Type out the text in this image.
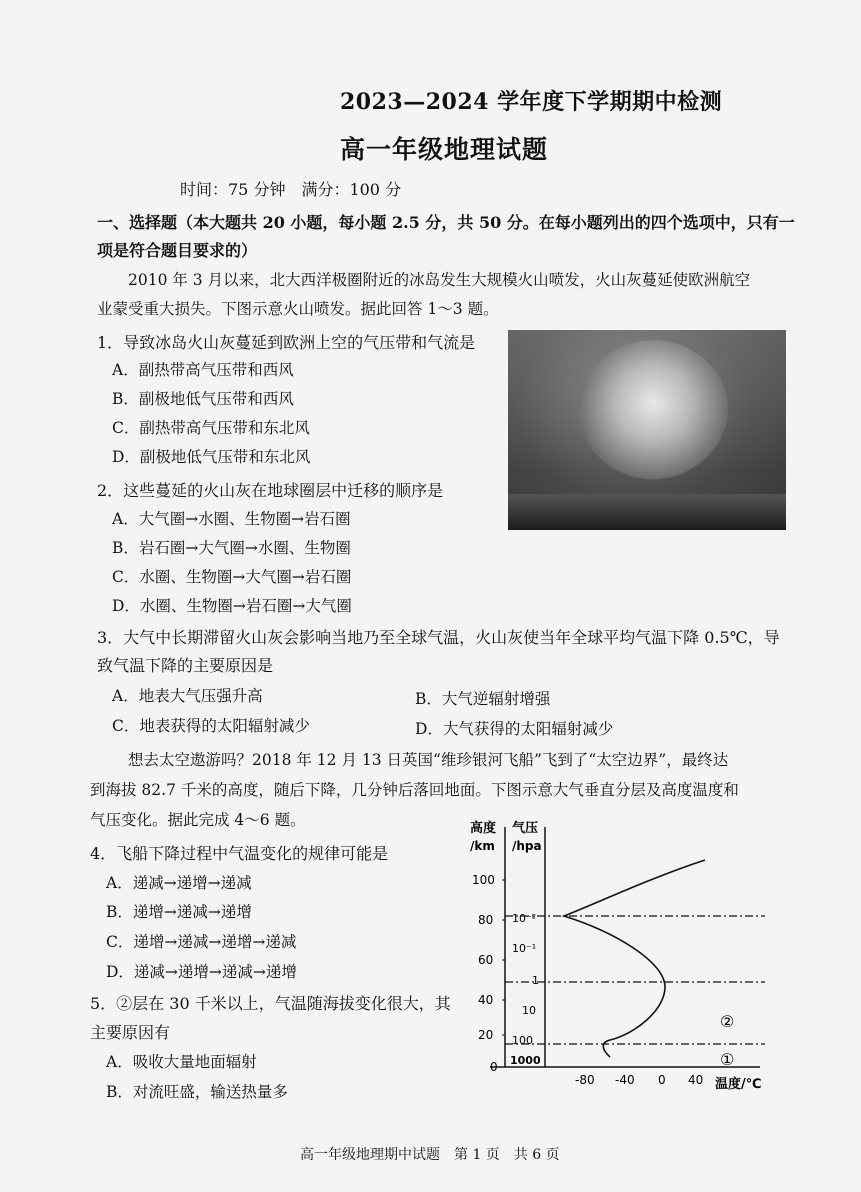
2023—2024 学年度下学期期中检测
高一年级地理试题
时间：75 分钟　满分：100 分
一、选择题（本大题共 20 小题，每小题 2.5 分，共 50 分。在每小题列出的四个选项中，只有一
项是符合题目要求的）
2010 年 3 月以来，北大西洋极圈附近的冰岛发生大规模火山喷发，火山灰蔓延使欧洲航空
业蒙受重大损失。下图示意火山喷发。据此回答 1～3 题。
1．导致冰岛火山灰蔓延到欧洲上空的气压带和气流是
A．副热带高气压带和西风
B．副极地低气压带和西风
C．副热带高气压带和东北风
D．副极地低气压带和东北风
2．这些蔓延的火山灰在地球圈层中迁移的顺序是
A．大气圈→水圈、生物圈→岩石圈
B．岩石圈→大气圈→水圈、生物圈
C．水圈、生物圈→大气圈→岩石圈
D．水圈、生物圈→岩石圈→大气圈
3．大气中长期滞留火山灰会影响当地乃至全球气温，火山灰使当年全球平均气温下降 0.5℃，导
致气温下降的主要原因是
A．地表大气压强升高	B．大气逆辐射增强
C．地表获得的太阳辐射减少	D．大气获得的太阳辐射减少
想去太空遨游吗？2018 年 12 月 13 日英国“维珍银河飞船”飞到了“太空边界”，最终达
到海拔 82.7 千米的高度，随后下降，几分钟后落回地面。下图示意大气垂直分层及高度温度和
气压变化。据此完成 4～6 题。
4．飞船下降过程中气温变化的规律可能是
A．递减→递增→递减
B．递增→递减→递增
C．递增→递减→递增→递减
D．递减→递增→递减→递增
5．②层在 30 千米以上，气温随海拔变化很大，其
主要原因有
A．吸收大量地面辐射
B．对流旺盛，输送热量多
高度 气压
/km /hpa
100
80
60
40
20
0
10⁻²
10⁻¹
1
10
100
1000
-80 -40 0 40 温度/℃
②
①
高一年级地理期中试题　第 1 页　共 6 页
